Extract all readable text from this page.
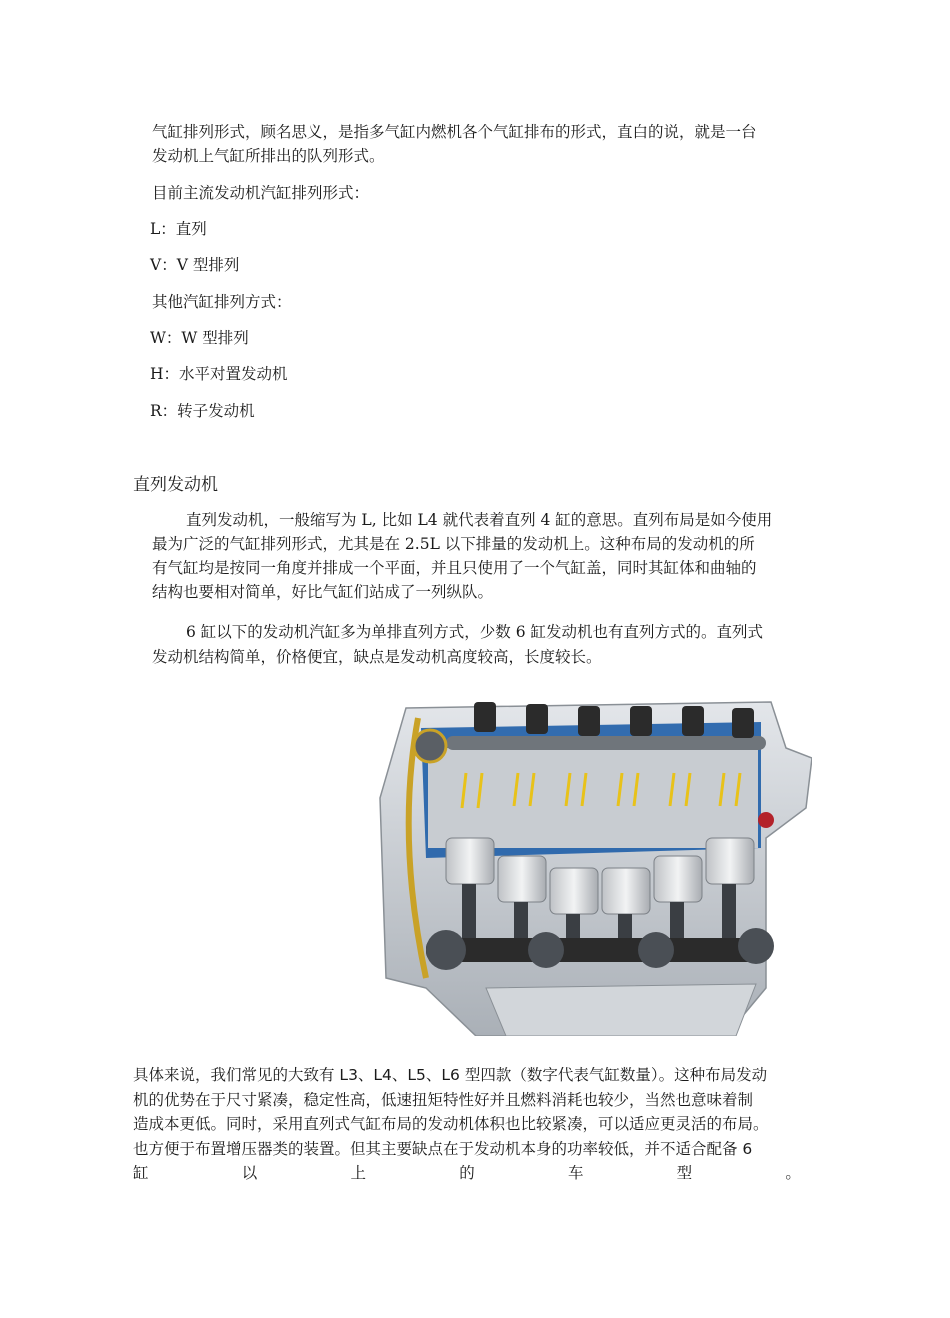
气缸排列形式，顾名思义，是指多气缸内燃机各个气缸排布的形式，直白的说，就是一台
发动机上气缸所排出的队列形式。
目前主流发动机汽缸排列形式：
L：直列
V：V 型排列
其他汽缸排列方式：
W：W 型排列
H：水平对置发动机
R：转子发动机
直列发动机
直列发动机，一般缩写为 L, 比如 L4 就代表着直列 4 缸的意思。直列布局是如今使用
最为广泛的气缸排列形式，尤其是在 2.5L 以下排量的发动机上。这种布局的发动机的所
有气缸均是按同一角度并排成一个平面，并且只使用了一个气缸盖，同时其缸体和曲轴的
结构也要相对简单，好比气缸们站成了一列纵队。
6 缸以下的发动机汽缸多为单排直列方式，少数 6 缸发动机也有直列方式的。直列式
发动机结构简单，价格便宜，缺点是发动机高度较高，长度较长。
具体来说，我们常见的大致有 L3、L4、L5、L6 型四款（数字代表气缸数量）。这种布局发动
机的优势在于尺寸紧凑，稳定性高，低速扭矩特性好并且燃料消耗也较少，当然也意味着制
造成本更低。同时，采用直列式气缸布局的发动机体积也比较紧凑，可以适应更灵活的布局。
也方便于布置增压器类的装置。但其主要缺点在于发动机本身的功率较低，并不适合配备 6
缸	以	上	的	车	型	。
